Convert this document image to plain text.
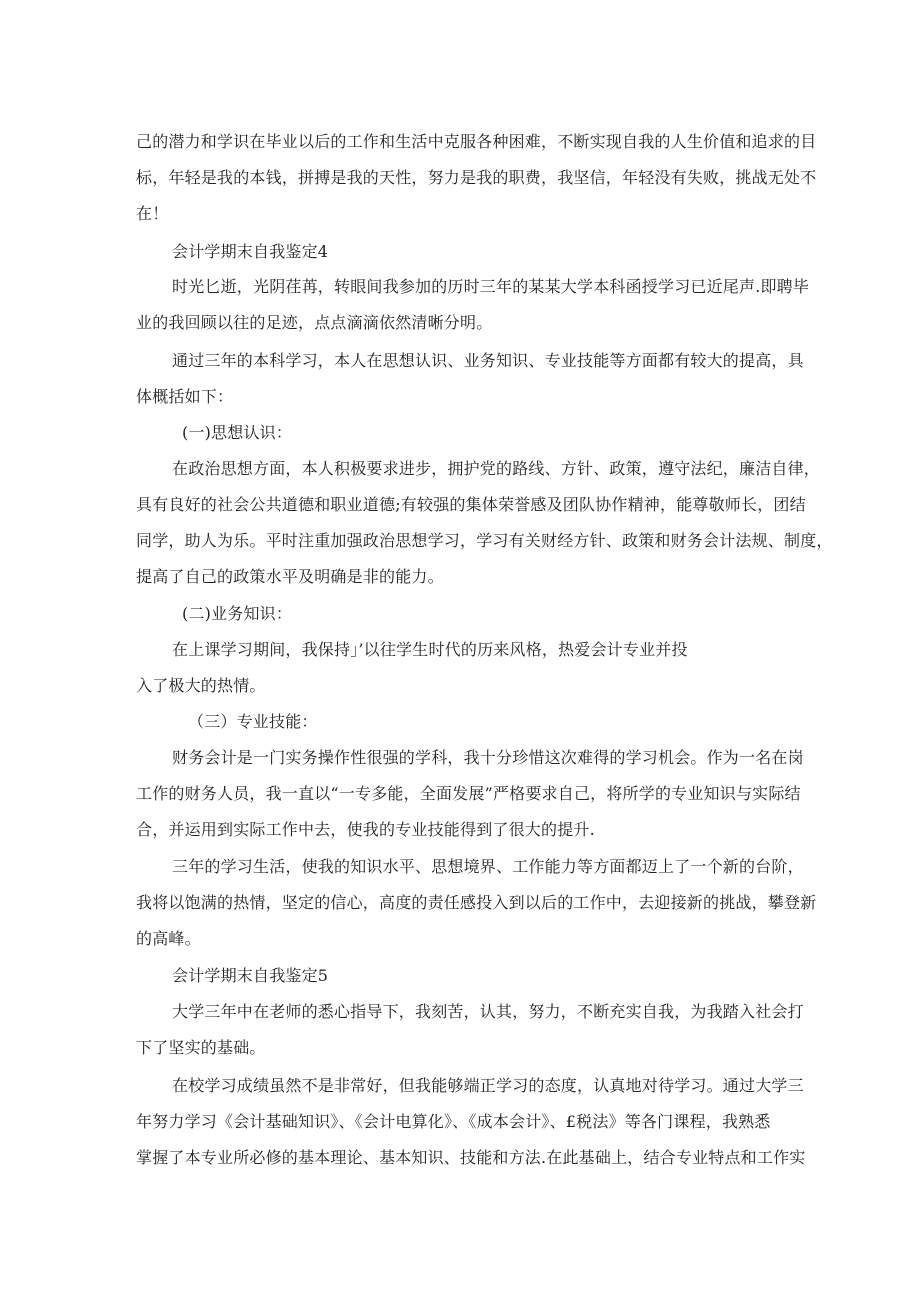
己的潜力和学识在毕业以后的工作和生活中克服各种困难，不断实现自我的人生价值和追求的目
标，年轻是我的本钱，拼搏是我的天性，努力是我的职费，我坚信，年轻没有失败，挑战无处不
在！
会计学期末自我鉴定4
时光匕逝，光阴荏苒，转眼间我参加的历时三年的某某大学本科函授学习已近尾声.即聘毕
业的我回顾以往的足迹，点点滴滴依然清晰分明。
通过三年的本科学习，本人在思想认识、业务知识、专业技能等方面都有较大的提高，具
体概括如下：
(一)思想认识：
在政治思想方面，本人积极要求进步，拥护党的路线、方针、政策，遵守法纪，廉洁自律，
具有良好的社会公共道德和职业道德;有较强的集体荣誉感及团队协作精神，能尊敬师长，团结
同学，助人为乐。平时注重加强政治思想学习，学习有关财经方针、政策和财务会计法规、制度，
提高了自己的政策水平及明确是非的能力。
(二)业务知识：
在上课学习期间，我保持」’以往学生时代的历来风格，热爱会计专业并投
入了极大的热情。
（三）专业技能：
财务会计是一门实务操作性很强的学科，我十分珍惜这次难得的学习机会。作为一名在岗
工作的财务人员，我一直以“一专多能，全面发展”严格要求自己，将所学的专业知识与实际结
合，并运用到实际工作中去，使我的专业技能得到了很大的提升.
三年的学习生活，使我的知识水平、思想境界、工作能力等方面都迈上了一个新的台阶，
我将以饱满的热情，坚定的信心，高度的责任感投入到以后的工作中，去迎接新的挑战，攀登新
的高峰。
会计学期末自我鉴定5
大学三年中在老师的悉心指导下，我刻苦，认其，努力，不断充实自我，为我踏入社会打
下了坚实的基础。
在校学习成绩虽然不是非常好，但我能够端正学习的态度，认真地对待学习。通过大学三
年努力学习《会计基础知识》、《会计电算化》、《成本会计》、£税法》等各门课程，我熟悉
掌握了本专业所必修的基本理论、基本知识、技能和方法.在此基础上，结合专业特点和工作实
